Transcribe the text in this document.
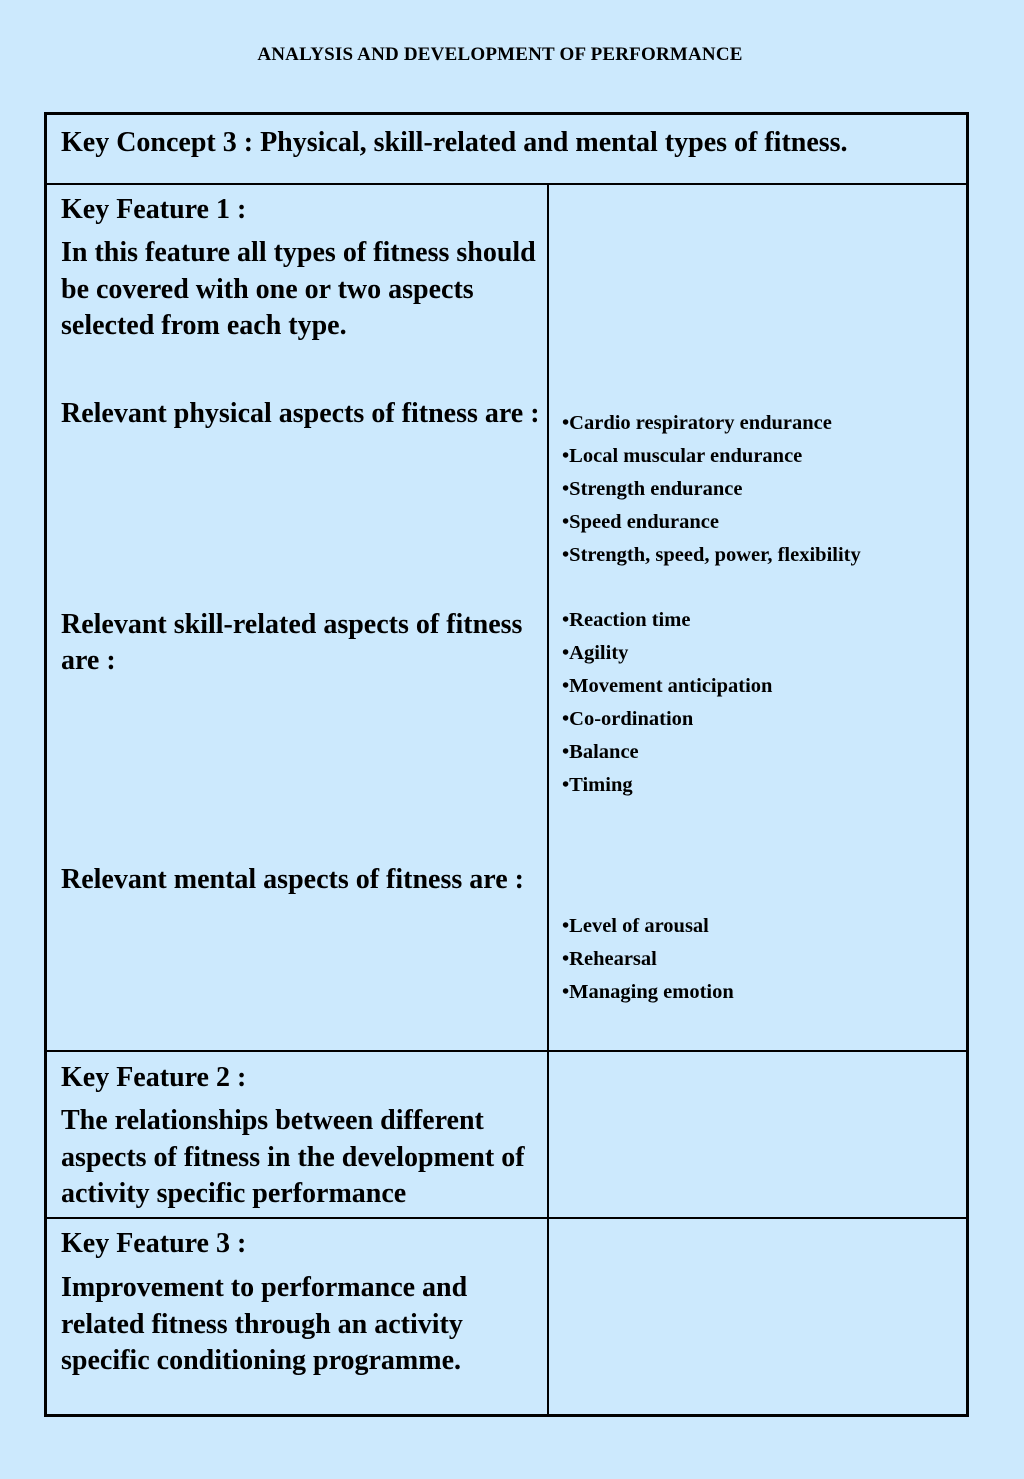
ANALYSIS AND DEVELOPMENT OF PERFORMANCE
Key Concept 3 : Physical, skill-related and mental types of fitness.
Key Feature 1 :
In this feature all types of fitness should be covered with one or two aspects selected from each type.
Relevant physical aspects of fitness are : •Cardio respiratory endurance
•Local muscular endurance
•Strength endurance
•Speed endurance
•Strength, speed, power, flexibility
Relevant skill-related aspects of fitness are :
•Reaction time
•Agility
•Movement anticipation
•Co-ordination
•Balance
•Timing
Relevant mental aspects of fitness are :
•Level of arousal
•Rehearsal
•Managing emotion
Key Feature 2 :
The relationships between different aspects of fitness in the development of activity specific performance
Key Feature 3 :
Improvement to performance and related fitness through an activity specific conditioning programme.
